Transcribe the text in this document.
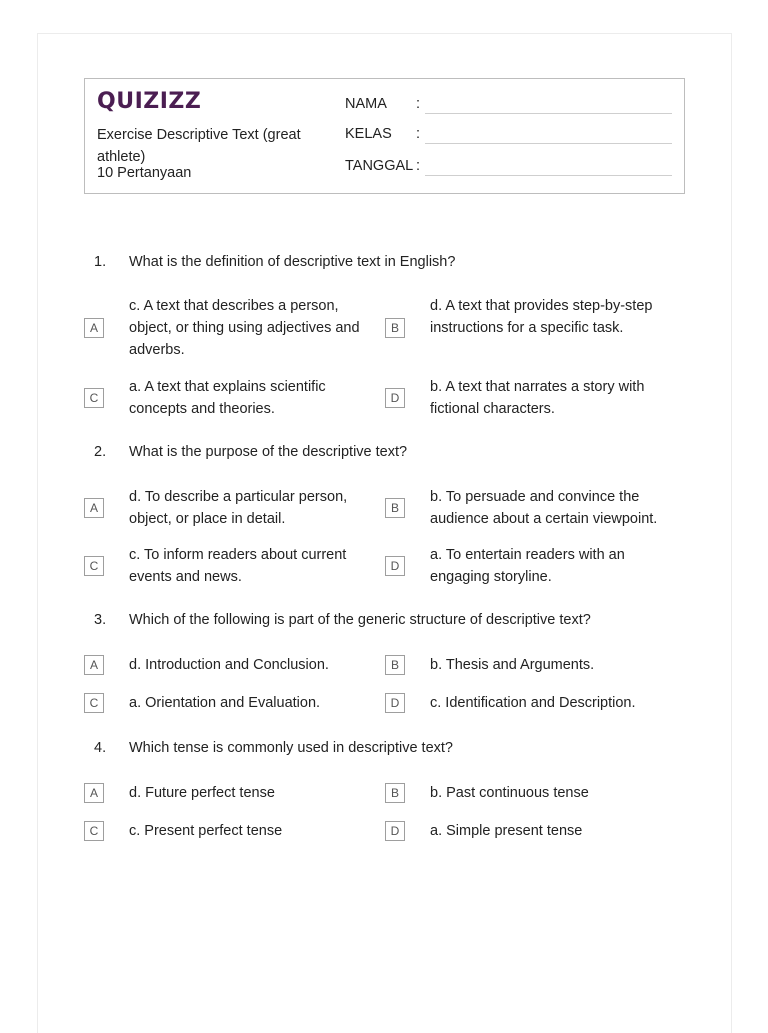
QUIZIZZ
Exercise Descriptive Text (great athlete)
10 Pertanyaan
NAMA :
KELAS :
TANGGAL :
1. What is the definition of descriptive text in English?
A
c. A text that describes a person, object, or thing using adjectives and adverbs.
B
d. A text that provides step-by-step instructions for a specific task.
C
a. A text that explains scientific concepts and theories.
D
b. A text that narrates a story with fictional characters.
2. What is the purpose of the descriptive text?
A
d. To describe a particular person, object, or place in detail.
B
b. To persuade and convince the audience about a certain viewpoint.
C
c. To inform readers about current events and news.
D
a. To entertain readers with an engaging storyline.
3. Which of the following is part of the generic structure of descriptive text?
A	d. Introduction and Conclusion.	B	b. Thesis and Arguments.
C	a. Orientation and Evaluation.	D	c. Identification and Description.
4. Which tense is commonly used in descriptive text?
A	d. Future perfect tense	B	b. Past continuous tense
C	c. Present perfect tense	D	a. Simple present tense
